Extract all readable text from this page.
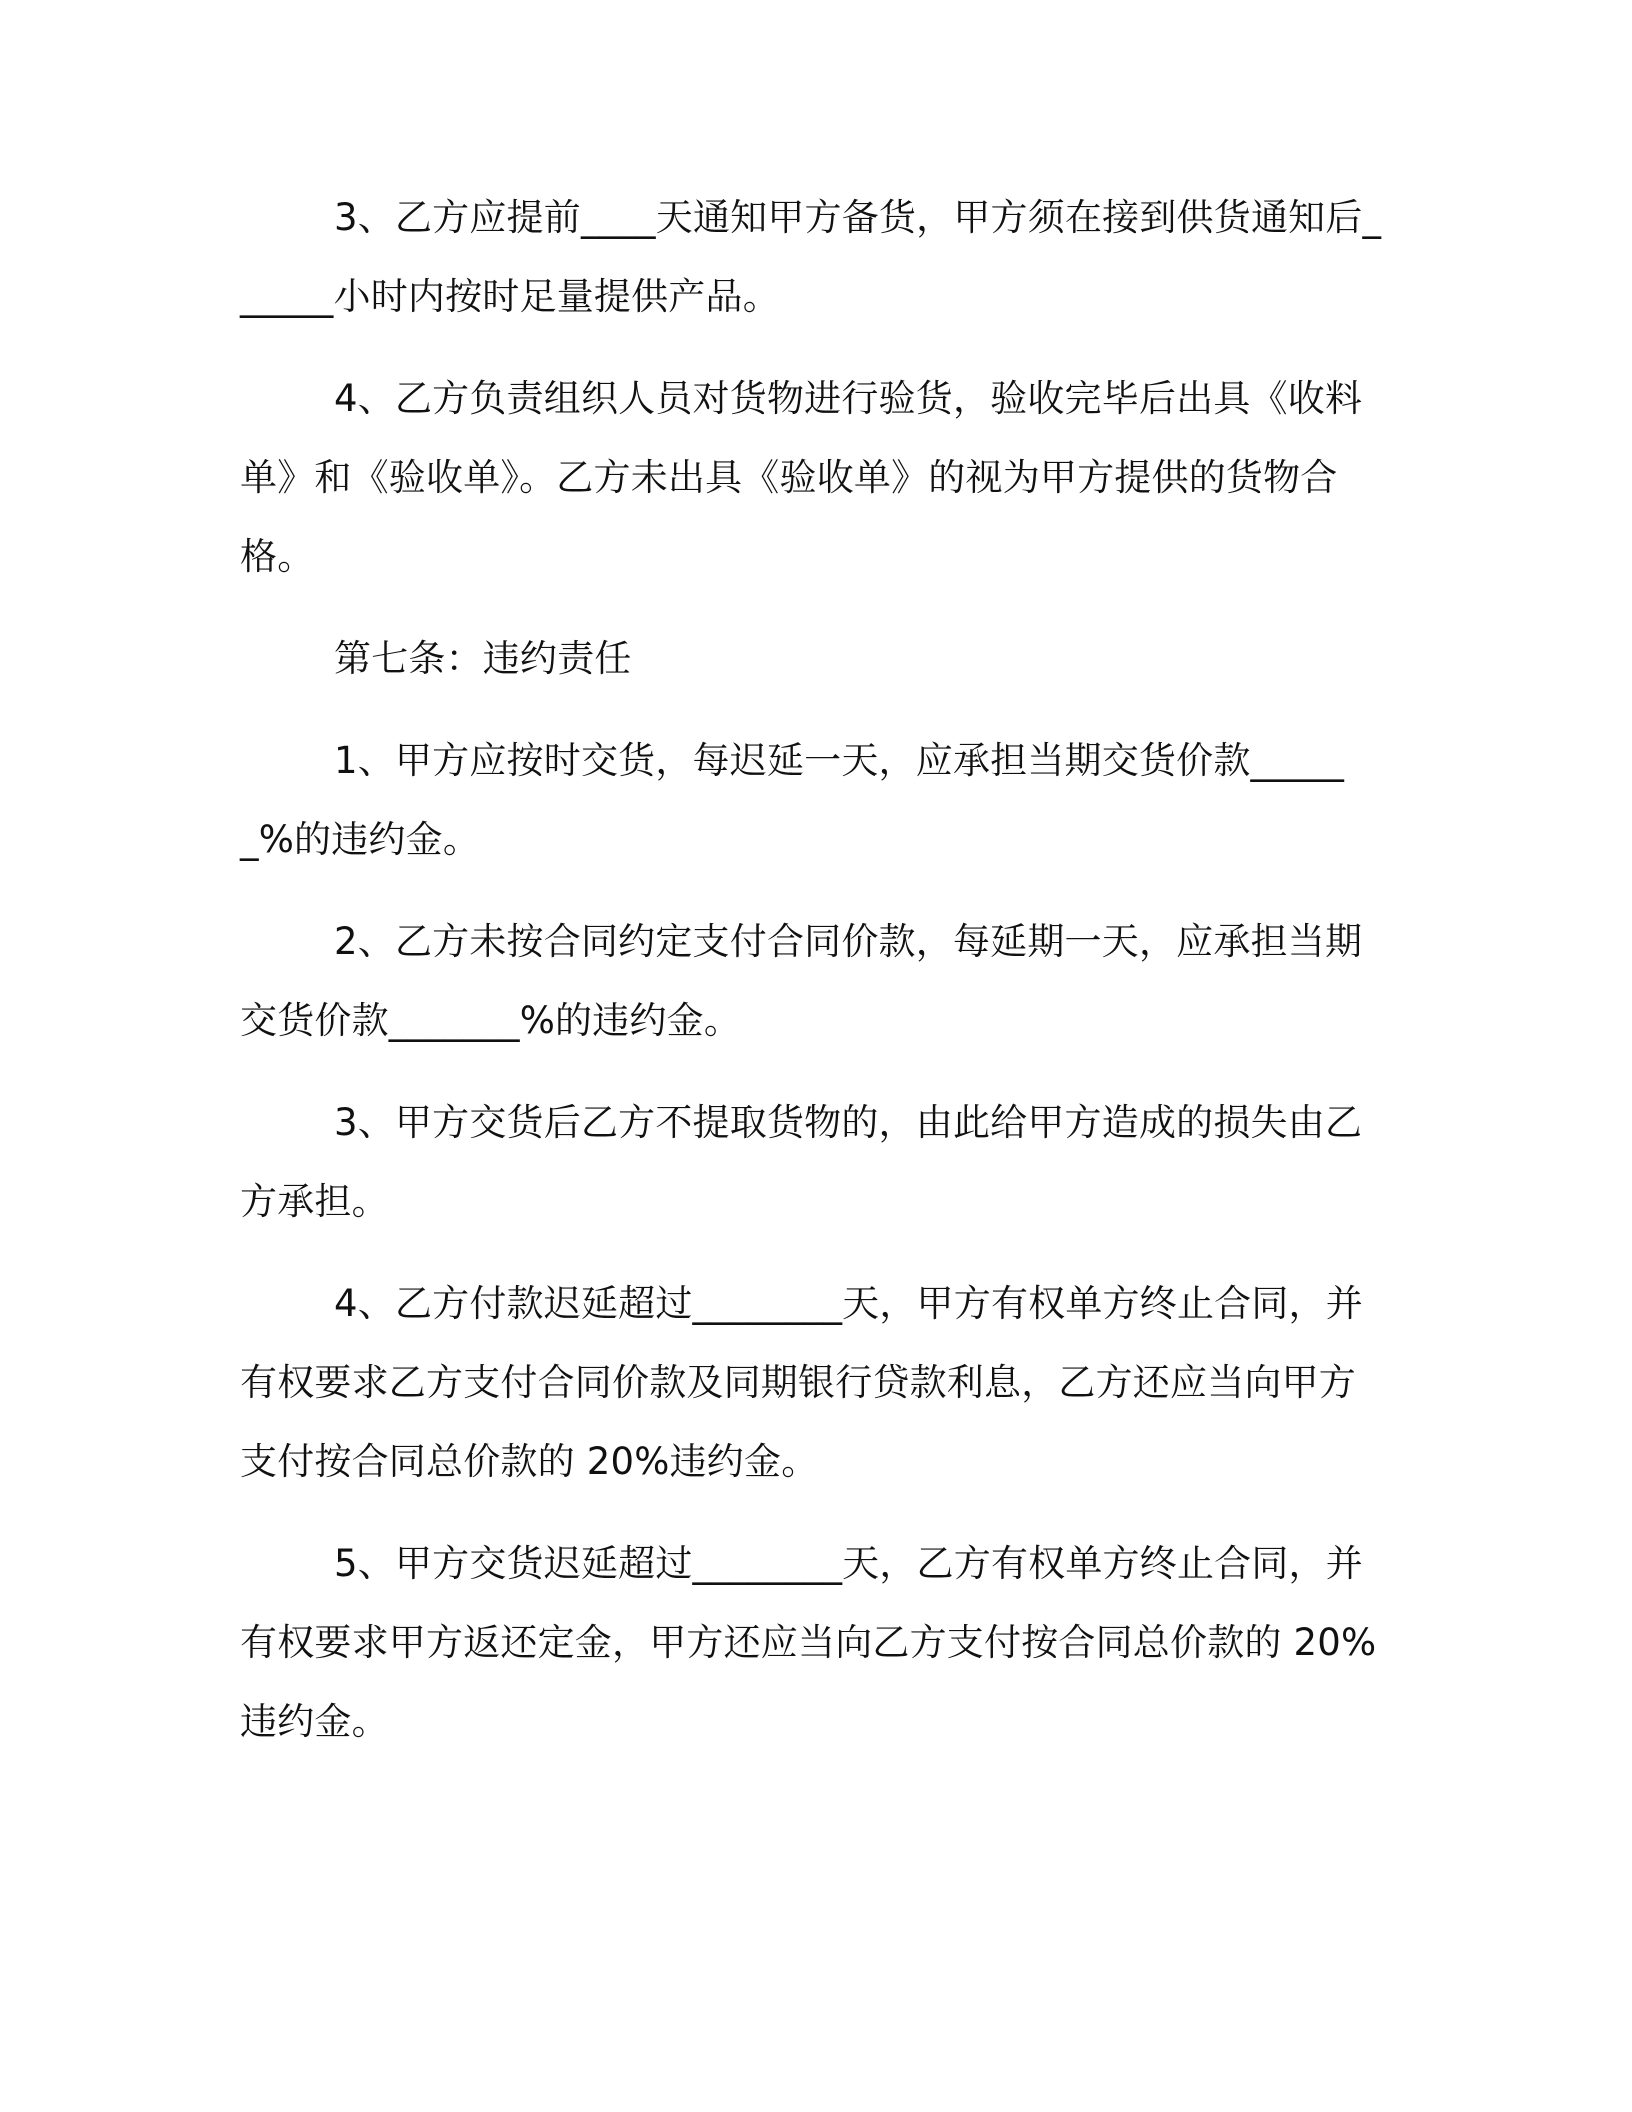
3、乙方应提前____天通知甲方备货，甲方须在接到供货通知后______小时内按时足量提供产品。

4、乙方负责组织人员对货物进行验货，验收完毕后出具《收料单》和《验收单》。乙方未出具《验收单》的视为甲方提供的货物合格。

第七条：违约责任

1、甲方应按时交货，每迟延一天，应承担当期交货价款______%的违约金。

2、乙方未按合同约定支付合同价款，每延期一天，应承担当期交货价款_______%的违约金。

3、甲方交货后乙方不提取货物的，由此给甲方造成的损失由乙方承担。

4、乙方付款迟延超过________天，甲方有权单方终止合同，并有权要求乙方支付合同价款及同期银行贷款利息，乙方还应当向甲方支付按合同总价款的 20%违约金。

5、甲方交货迟延超过________天，乙方有权单方终止合同，并有权要求甲方返还定金，甲方还应当向乙方支付按合同总价款的 20%违约金。
